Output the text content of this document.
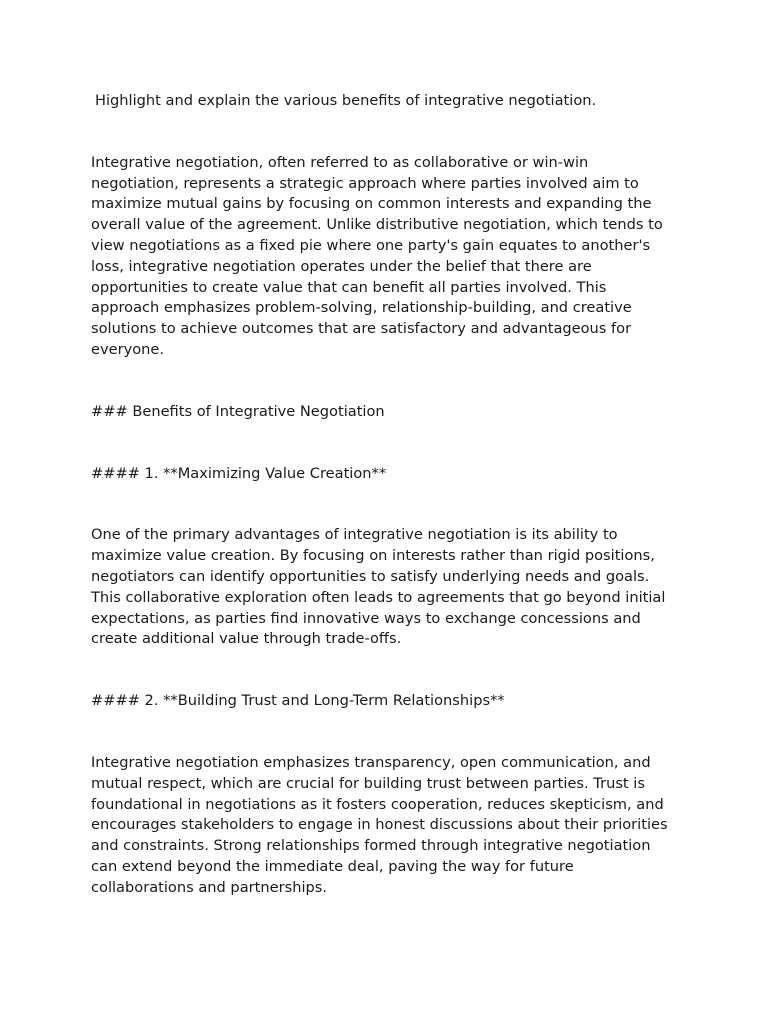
Highlight and explain the various benefits of integrative negotiation.

Integrative negotiation, often referred to as collaborative or win-win negotiation, represents a strategic approach where parties involved aim to maximize mutual gains by focusing on common interests and expanding the overall value of the agreement. Unlike distributive negotiation, which tends to view negotiations as a fixed pie where one party's gain equates to another's loss, integrative negotiation operates under the belief that there are opportunities to create value that can benefit all parties involved. This approach emphasizes problem-solving, relationship-building, and creative solutions to achieve outcomes that are satisfactory and advantageous for everyone.

### Benefits of Integrative Negotiation

#### 1. **Maximizing Value Creation**

One of the primary advantages of integrative negotiation is its ability to maximize value creation. By focusing on interests rather than rigid positions, negotiators can identify opportunities to satisfy underlying needs and goals. This collaborative exploration often leads to agreements that go beyond initial expectations, as parties find innovative ways to exchange concessions and create additional value through trade-offs.

#### 2. **Building Trust and Long-Term Relationships**

Integrative negotiation emphasizes transparency, open communication, and mutual respect, which are crucial for building trust between parties. Trust is foundational in negotiations as it fosters cooperation, reduces skepticism, and encourages stakeholders to engage in honest discussions about their priorities and constraints. Strong relationships formed through integrative negotiation can extend beyond the immediate deal, paving the way for future collaborations and partnerships.
